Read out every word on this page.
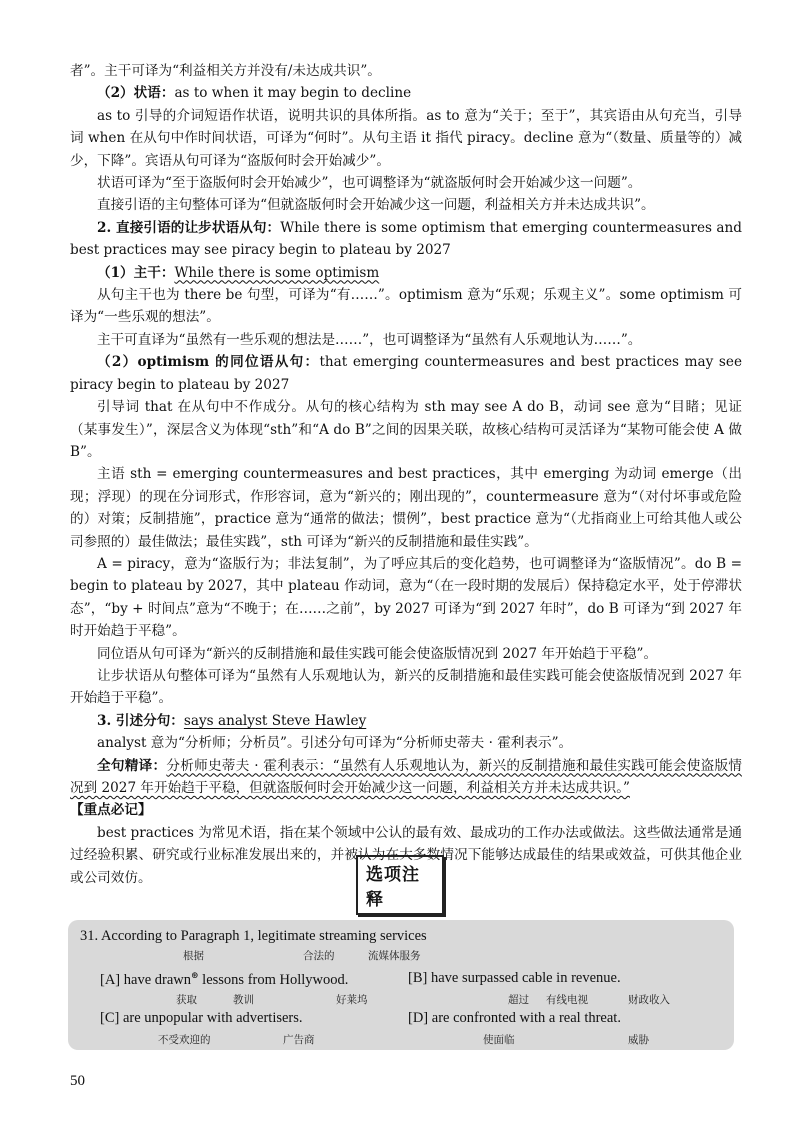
者”。主干可译为“利益相关方并没有/未达成共识”。

（2）状语：as to when it may begin to decline

as to 引导的介词短语作状语，说明共识的具体所指。as to 意为“关于；至于”，其宾语由从句充当，引导词 when 在从句中作时间状语，可译为“何时”。从句主语 it 指代 piracy。decline 意为“（数量、质量等的）减少，下降”。宾语从句可译为“盗版何时会开始减少”。

状语可译为“至于盗版何时会开始减少”，也可调整译为“就盗版何时会开始减少这一问题”。

直接引语的主句整体可译为“但就盗版何时会开始减少这一问题，利益相关方并未达成共识”。

2. 直接引语的让步状语从句：While there is some optimism that emerging countermeasures and best practices may see piracy begin to plateau by 2027

（1）主干：While there is some optimism

从句主干也为 there be 句型，可译为“有……”。optimism 意为“乐观；乐观主义”。some optimism 可译为“一些乐观的想法”。

主干可直译为“虽然有一些乐观的想法是……”，也可调整译为“虽然有人乐观地认为……”。

（2）optimism 的同位语从句：that emerging countermeasures and best practices may see piracy begin to plateau by 2027

引导词 that 在从句中不作成分。从句的核心结构为 sth may see A do B，动词 see 意为“目睹；见证（某事发生）”，深层含义为体现“sth”和“A do B”之间的因果关联，故核心结构可灵活译为“某物可能会使 A 做 B”。

主语 sth = emerging countermeasures and best practices，其中 emerging 为动词 emerge（出现；浮现）的现在分词形式，作形容词，意为“新兴的；刚出现的”，countermeasure 意为“（对付坏事或危险的）对策；反制措施”，practice 意为“通常的做法；惯例”，best practice 意为“（尤指商业上可给其他人或公司参照的）最佳做法；最佳实践”，sth 可译为“新兴的反制措施和最佳实践”。

A = piracy，意为“盗版行为；非法复制”，为了呼应其后的变化趋势，也可调整译为“盗版情况”。do B = begin to plateau by 2027，其中 plateau 作动词，意为“（在一段时期的发展后）保持稳定水平，处于停滞状态”，“by + 时间点”意为“不晚于；在……之前”，by 2027 可译为“到 2027 年时”，do B 可译为“到 2027 年时开始趋于平稳”。

同位语从句可译为“新兴的反制措施和最佳实践可能会使盗版情况到 2027 年开始趋于平稳”。

让步状语从句整体可译为“虽然有人乐观地认为，新兴的反制措施和最佳实践可能会使盗版情况到 2027 年开始趋于平稳”。

3. 引述分句：says analyst Steve Hawley

analyst 意为“分析师；分析员”。引述分句可译为“分析师史蒂夫 · 霍利表示”。

全句精译：分析师史蒂夫 · 霍利表示：“虽然有人乐观地认为，新兴的反制措施和最佳实践可能会使盗版情况到 2027 年开始趋于平稳，但就盗版何时会开始减少这一问题，利益相关方并未达成共识。”

【重点必记】

best practices 为常见术语，指在某个领域中公认的最有效、最成功的工作办法或做法。这些做法通常是通过经验积累、研究或行业标准发展出来的，并被认为在大多数情况下能够达成最佳的结果或效益，可供其他企业或公司效仿。	选项注释
31. According to Paragraph 1, legitimate streaming services
根据	合法的	流媒体服务
[A] have drawn⊛ lessons from Hollywood.
获取	教训	好莱坞
[B] have surpassed cable in revenue.
超过 有线电视	财政收入
[C] are unpopular with advertisers.
不受欢迎的	广告商
[D] are confronted with a real threat.
使面临	威胁
50
